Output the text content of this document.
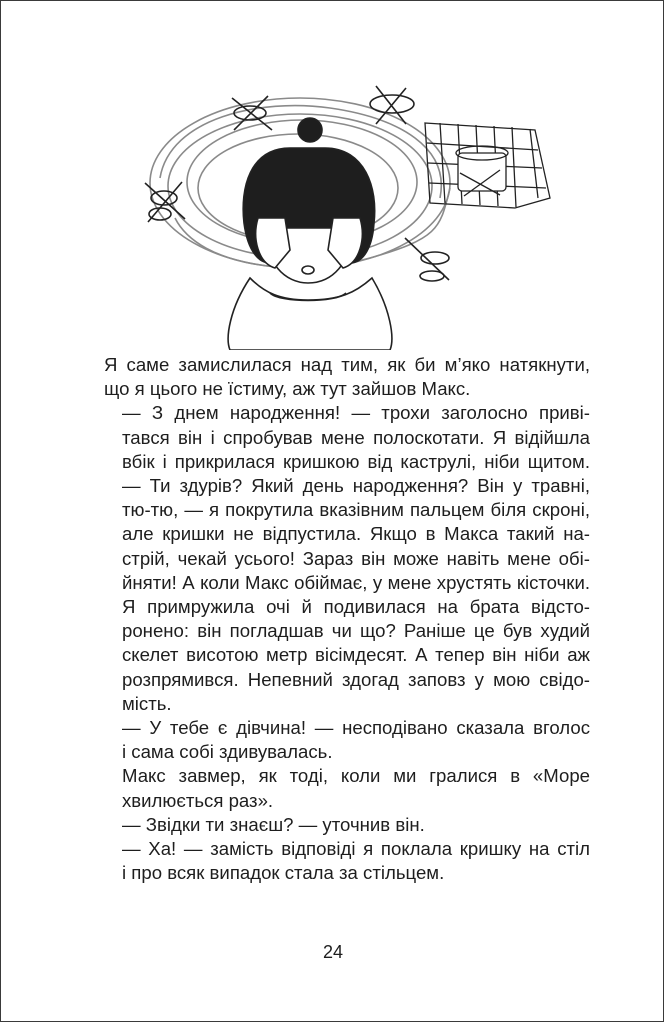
Я саме замислилася над тим, як би м’яко натякнути,
що я цього не їстиму, аж тут зайшов Макс.

— З днем народження! — трохи заголосно приві-
тався він і спробував мене полоскотати. Я відійшла
вбік і прикрилася кришкою від каструлі, ніби щитом.

— Ти здурів? Який день народження? Він у травні,
тю-тю, — я покрутила вказівним пальцем біля скроні,
але кришки не відпустила. Якщо в Макса такий на-
стрій, чекай усього! Зараз він може навіть мене обі-
йняти! А коли Макс обіймає, у мене хрустять кісточки.

Я примружила очі й подивилася на брата відсто-
ронено: він погладшав чи що? Раніше це був худий
скелет висотою метр вісімдесят. А тепер він ніби аж
розпрямився. Непевний здогад заповз у мою свідо-
мість.

— У тебе є дівчина! — несподівано сказала вголос
і сама собі здивувалась.

Макс завмер, як тоді, коли ми гралися в «Море
хвилюється раз».

— Звідки ти знаєш? — уточнив він.

— Ха! — замість відповіді я поклала кришку на стіл
і про всяк випадок стала за стільцем.

24
